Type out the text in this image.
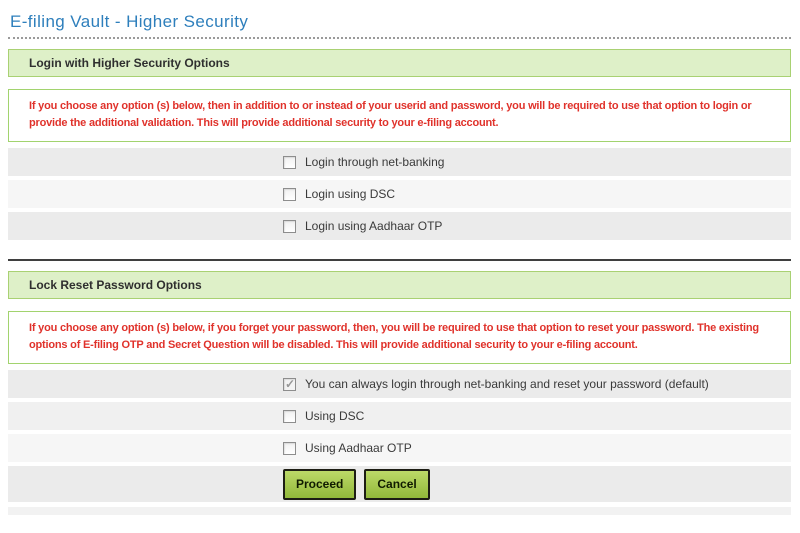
E-filing Vault - Higher Security
Login with Higher Security Options
If you choose any option (s) below, then in addition to or instead of your userid and password, you will be required to use that option to login or provide the additional validation. This will provide additional security to your e-filing account.
Login through net-banking
Login using DSC
Login using Aadhaar OTP
Lock Reset Password Options
If you choose any option (s) below, if you forget your password, then, you will be required to use that option to reset your password. The existing options of E-filing OTP and Secret Question will be disabled. This will provide additional security to your e-filing account.
✓
You can always login through net-banking and reset your password (default)
Using DSC
Using Aadhaar OTP
Proceed	Cancel
